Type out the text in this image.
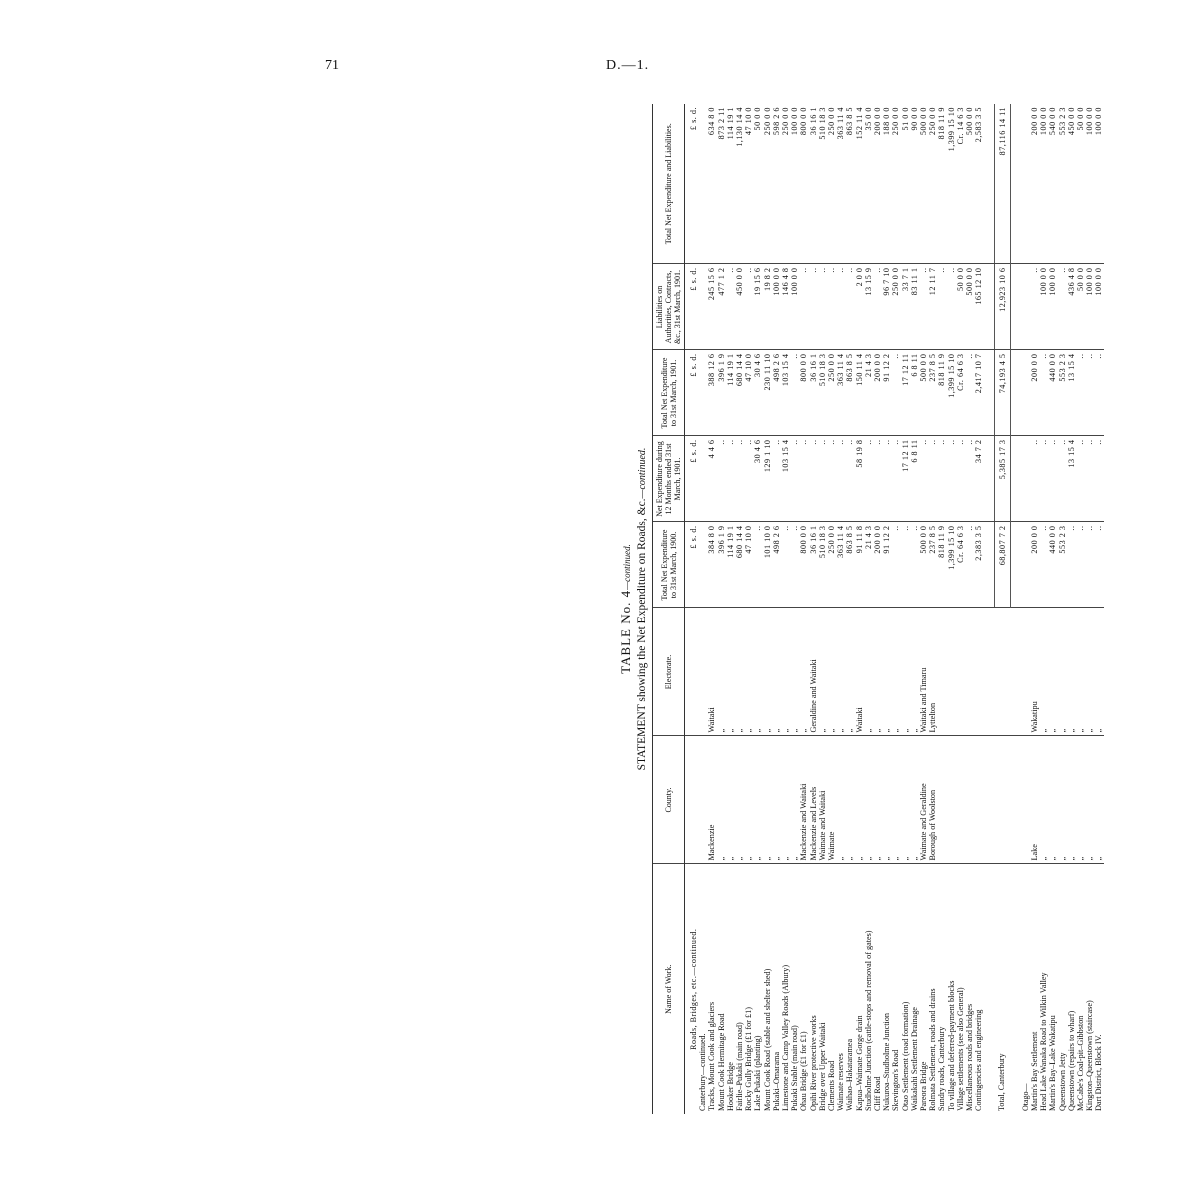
71	D.—1.
TABLE No. 4—continued. STATEMENT showing the Net Expenditure on Roads, &c.—continued.
Name of Work.	County.	Electorate.	Total Net Expenditure to 31st March, 1900.	Net Expenditure during 12 Months ended 31st March, 1901.	Total Net Expenditure to 31st March, 1901.	Liabilities on Authorities, Contracts, &c., 31st March, 1901.	Total Net Expenditure and Liabilities.
Roads, Bridges, etc.—continued.			£ s. d.	£ s. d.	£ s. d.	£ s. d.	£ s. d.
Canterbury—continued.							
Tracks, Mount Cook and glaciers	Mackenzie	Waitaki	384 8 0	4 4 6	388 12 6	245 15 6	634 8 0
Mount Cook Hermitage Road	„	„	396 1 9	..	396 1 9	477 1 2	873 2 11
Hooker Bridge	„	„	114 19 1	..	114 19 1	..	114 19 1
Fairlie–Pukaki (main road)	„	„	680 14 4	..	680 14 4	450 0 0	1,130 14 4
Rocky Gully Bridge (£1 for £1)	„	„	47 10 0	..	47 10 0	..	47 10 0
Lake Pukaki (planting)	„	„	..	30 4 6	30 4 6	19 15 6	50 0 0
Mount Cook Road (stable and shelter shed)	„	„	101 10 0	129 1 10	230 11 10	19 8 2	250 0 0
Pukaki–Omarama	„	„	498 2 6	..	498 2 6	100 0 0	598 2 6
Limestone and Camp Valley Roads (Albury)	„	„	..	103 15 4	103 15 4	146 4 8	250 0 0
Pukaki Stable (main road)	„	„	..	..	..	100 0 0	100 0 0
Ohau Bridge (£1 for £1)	Mackenzie and Waitaki	„	800 0 0	..	800 0 0	..	800 0 0
Opihi River protective works	Mackenzie and Levels	Geraldine and Waitaki	36 16 1	..	36 16 1	..	36 16 1
Bridge over Upper Waitaki	Waimate and Waitaki	„	510 18 3	..	510 18 3	..	510 18 3
Clements Road	Waimate	„	250 0 0	..	250 0 0	..	250 0 0
Waimate reserves	„	„	363 11 4	..	363 11 4	..	363 11 4
Waihao–Hakataramea	„	„	863 8 5	..	863 8 5	..	863 8 5
Kapua–Waimate Gorge drain	„	Waitaki	91 11 8	58 19 8	150 11 4	2 0 0	152 11 4
Studholme Junction (cattle-stops and removal of gates)	„	„	21 4 3	..	21 4 3	13 15 9	35 0 0
Cliff Road	„	„	200 0 0	..	200 0 0	..	200 0 0
Nukuroa–Studholme Junction	„	„	91 12 2	..	91 12 2	96 7 10	188 0 0
Skevington's Road	„	„	..	..	..	250 0 0	250 0 0
Otao Settlement (road formation)	„	„	..	17 12 11	17 12 11	33 7 1	51 0 0
Waikakahi Settlement Drainage	„	„	..	6 8 11	6 8 11	83 11 1	90 0 0
Pareora Bridge	Waimate and Geraldine	Waitaki and Timaru	500 0 0	..	500 0 0	..	500 0 0
Rolmata Settlement, roads and drains	Borough of Woolston	Lyttelton	237 8 5	..	237 8 5	12 11 7	250 0 0
Sundry roads, Canterbury			818 11 9	..	818 11 9	..	818 11 9
To village and deferred-payment blocks			1,399 15 10	..	1,399 15 10	..	1,399 15 10
Village settlements (see also General)			Cr. 64 6 3	..	Cr. 64 6 3	50 0 0	Cr. 14 6 3
Miscellaneous roads and bridges			..	..	..	500 0 0	500 0 0
Contingencies and engineering			2,383 3 5	34 7 2	2,417 10 7	165 12 10	2,583 3 5

Total, Canterbury			68,807 7 2	5,385 17 3	74,193 4 5	12,923 10 6	87,116 14 11

Otago—							
Martin's Bay Settlement	Lake	Wakatipu	200 0 0	..	200 0 0	..	200 0 0
Head Lake Wanaka Road to Wilkin Valley	„	„	..	..	..	100 0 0	100 0 0
Martin's Bay–Lake Wakatipu	„	„	440 0 0	..	440 0 0	100 0 0	540 0 0
Queenstown Jetty	„	„	553 2 3	..	553 2 3	..	553 2 3
Queenstown (repairs to wharf)	„	„	..	13 15 4	13 15 4	436 4 8	450 0 0
McCabe's Coal-pit–Gibbston	„	„	..	..	..	50 0 0	50 0 0
Kingston–Queenstown (staircase)	„	„	..	..	..	100 0 0	100 0 0
Dart District, Block IV.	„	„	..	..	..	100 0 0	100 0 0
